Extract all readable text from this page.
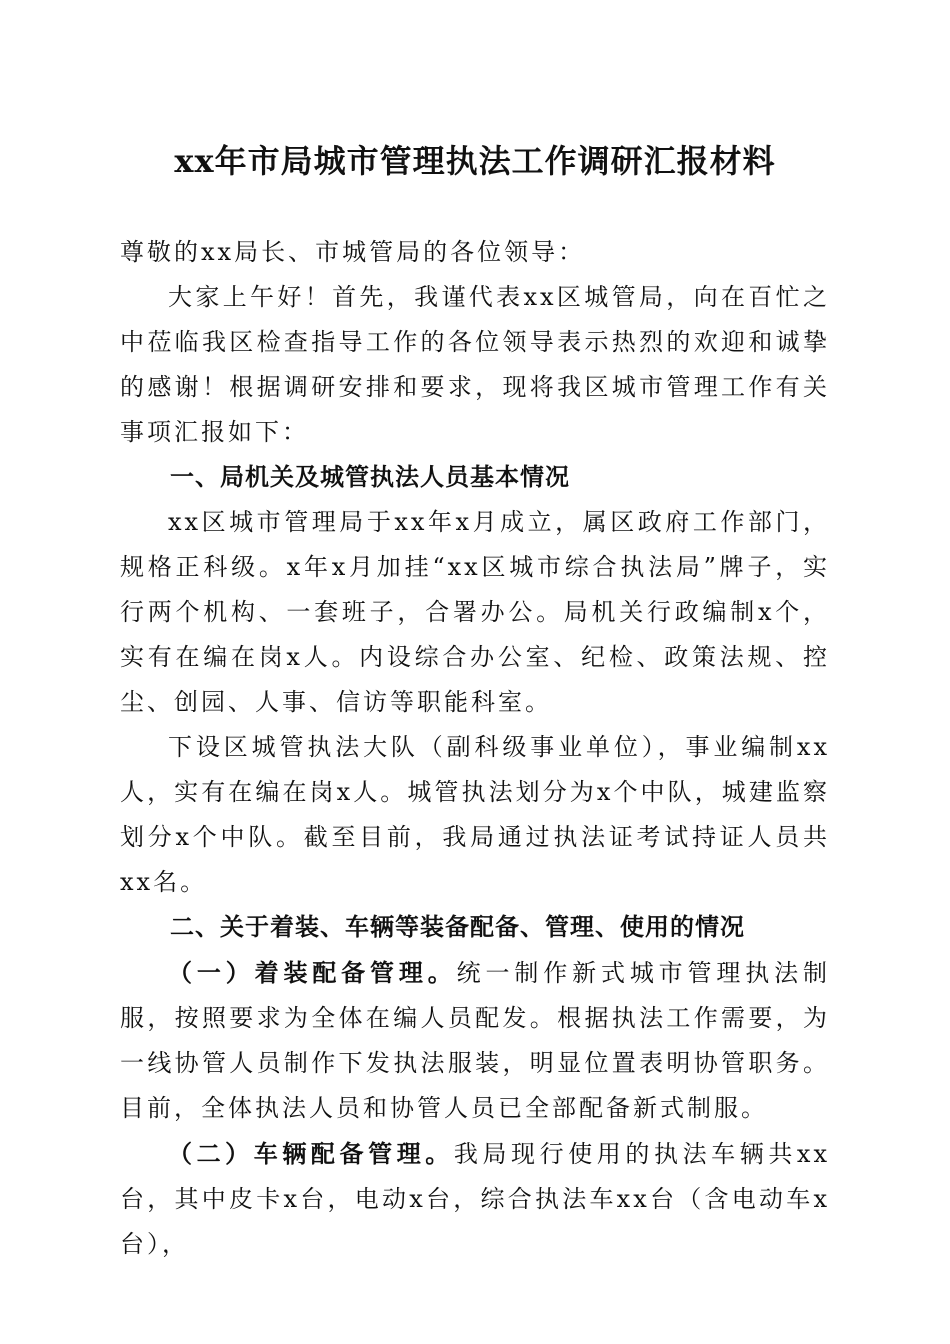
xx年市局城市管理执法工作调研汇报材料

尊敬的xx局长、市城管局的各位领导：

大家上午好！首先，我谨代表xx区城管局，向在百忙之中莅临我区检查指导工作的各位领导表示热烈的欢迎和诚挚的感谢！根据调研安排和要求，现将我区城市管理工作有关事项汇报如下：

一、局机关及城管执法人员基本情况

xx区城市管理局于xx年x月成立，属区政府工作部门，规格正科级。x年x月加挂“xx区城市综合执法局”牌子，实行两个机构、一套班子，合署办公。局机关行政编制x个，实有在编在岗x人。内设综合办公室、纪检、政策法规、控尘、创园、人事、信访等职能科室。

下设区城管执法大队（副科级事业单位），事业编制xx人，实有在编在岗x人。城管执法划分为x个中队，城建监察划分x个中队。截至目前，我局通过执法证考试持证人员共xx名。

二、关于着装、车辆等装备配备、管理、使用的情况

（一）着装配备管理。统一制作新式城市管理执法制服，按照要求为全体在编人员配发。根据执法工作需要，为一线协管人员制作下发执法服装，明显位置表明协管职务。目前，全体执法人员和协管人员已全部配备新式制服。

（二）车辆配备管理。我局现行使用的执法车辆共xx台，其中皮卡x台，电动x台，综合执法车xx台（含电动车x台），
